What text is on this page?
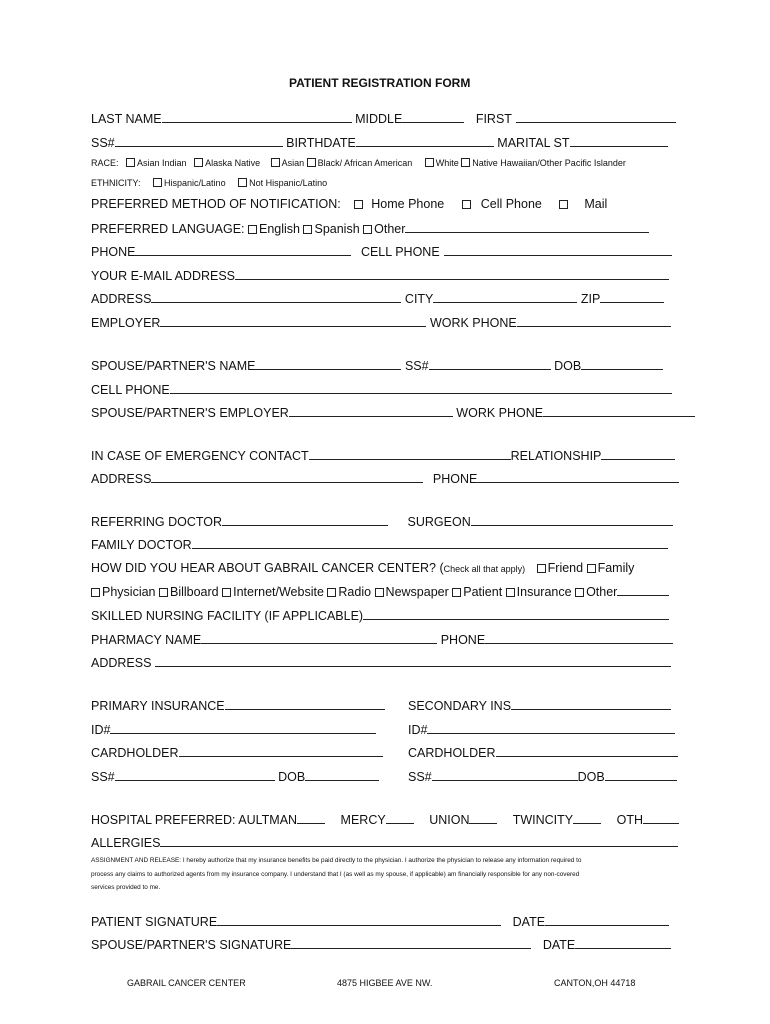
PATIENT REGISTRATION FORM
LAST NAME	MIDDLE	FIRST
SS#	BIRTHDATE	MARITAL ST
RACE: Asian Indian Alaska Native Asian Black/ African American	White Native Hawaiian/Other Pacific Islander
ETHNICITY:	Hispanic/Latino	Not Hispanic/Latino
PREFERRED METHOD OF NOTIFICATION: Home Phone	Cell Phone	Mail
PREFERRED LANGUAGE: English Spanish Other
PHONE	CELL PHONE
YOUR E-MAIL ADDRESS
ADDRESS	CITY	ZIP
EMPLOYER	WORK PHONE
SPOUSE/PARTNER'S NAME	SS#	DOB
CELL PHONE
SPOUSE/PARTNER'S EMPLOYER	WORK PHONE
IN CASE OF EMERGENCY CONTACT	RELATIONSHIP
ADDRESS	PHONE
REFERRING DOCTOR	SURGEON
FAMILY DOCTOR
HOW DID YOU HEAR ABOUT GABRAIL CANCER CENTER? (Check all that apply) Friend Family
Physician Billboard Internet/Website Radio Newspaper Patient Insurance Other
SKILLED NURSING FACILITY (IF APPLICABLE)
PHARMACY NAME	PHONE
ADDRESS
PRIMARY INSURANCE	SECONDARY INS
ID#	ID#
CARDHOLDER	CARDHOLDER
SS#	DOB	SS#	DOB
HOSPITAL PREFERRED: AULTMAN	MERCY	UNION	TWINCITY	OTH
ALLERGIES
ASSIGNMENT AND RELEASE: I hereby authorize that my insurance benefits be paid directly to the physician. I authorize the physician to release any information required to
process any claims to authorized agents from my insurance company. I understand that I (as well as my spouse, if applicable) am financially responsible for any non-covered
services provided to me.
PATIENT SIGNATURE	DATE
SPOUSE/PARTNER'S SIGNATURE	DATE
GABRAIL CANCER CENTER	4875 HIGBEE AVE NW.	CANTON,OH 44718
